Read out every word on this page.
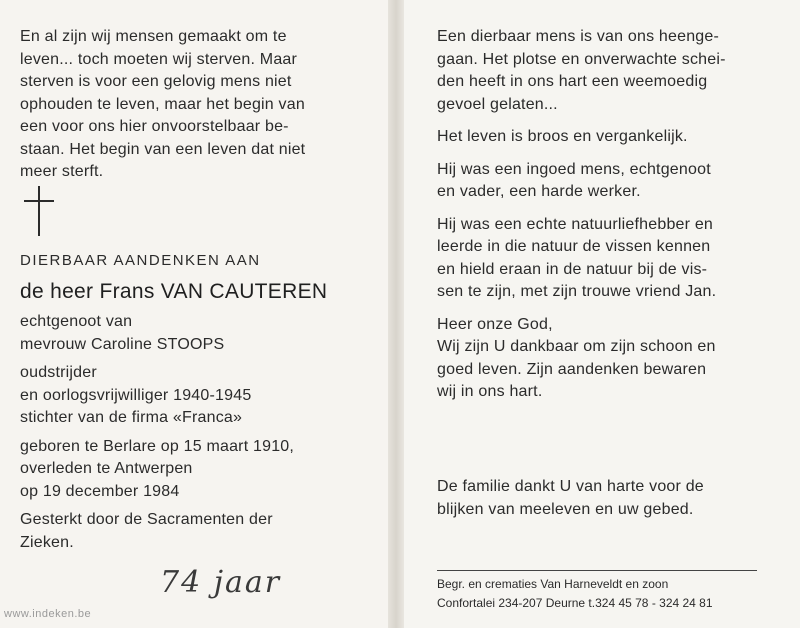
En al zijn wij mensen gemaakt om te
leven... toch moeten wij sterven. Maar
sterven is voor een gelovig mens niet
ophouden te leven, maar het begin van
een voor ons hier onvoorstelbaar be-
staan. Het begin van een leven dat niet
meer sterft.
DIERBAAR AANDENKEN AAN
de heer Frans VAN CAUTEREN
echtgenoot van
mevrouw Caroline STOOPS
oudstrijder
en oorlogsvrijwilliger 1940-1945
stichter van de firma «Franca»
geboren te Berlare op 15 maart 1910,
overleden te Antwerpen
op 19 december 1984
Gesterkt door de Sacramenten der
Zieken.
74 jaar
www.indeken.be
Een dierbaar mens is van ons heenge-
gaan. Het plotse en onverwachte schei-
den heeft in ons hart een weemoedig
gevoel gelaten...
Het leven is broos en vergankelijk.
Hij was een ingoed mens, echtgenoot
en vader, een harde werker.
Hij was een echte natuurliefhebber en
leerde in die natuur de vissen kennen
en hield eraan in de natuur bij de vis-
sen te zijn, met zijn trouwe vriend Jan.
Heer onze God,
Wij zijn U dankbaar om zijn schoon en
goed leven. Zijn aandenken bewaren
wij in ons hart.
De familie dankt U van harte voor de
blijken van meeleven en uw gebed.
Begr. en crematies Van Harneveldt en zoon
Confortalei 234-207 Deurne t.324 45 78 - 324 24 81
